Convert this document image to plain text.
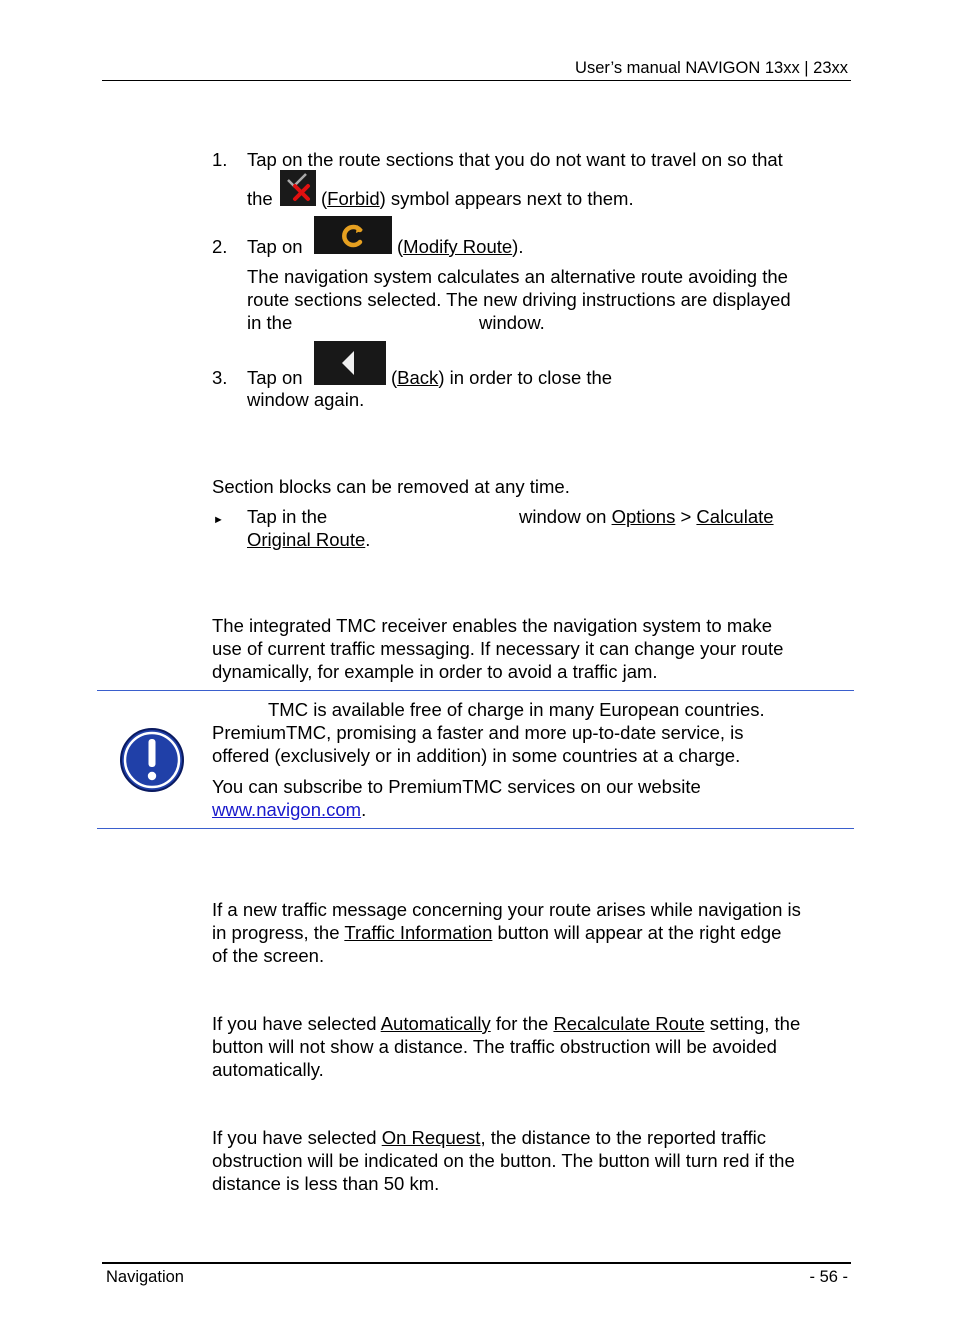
User’s manual NAVIGON 13xx | 23xx
1. Tap on the route sections that you do not want to travel on so that
the	(Forbid) symbol appears next to them.
2. Tap on	(Modify Route).
The navigation system calculates an alternative route avoiding the
route sections selected. The new driving instructions are displayed
in the	window.
3. Tap on	(Back) in order to close the
window again.
Section blocks can be removed at any time.
► Tap in the	window on Options > Calculate
Original Route.
The integrated TMC receiver enables the navigation system to make
use of current traffic messaging. If necessary it can change your route
dynamically, for example in order to avoid a traffic jam.
TMC is available free of charge in many European countries.
PremiumTMC, promising a faster and more up-to-date service, is
offered (exclusively or in addition) in some countries at a charge.
You can subscribe to PremiumTMC services on our website
www.navigon.com.
If a new traffic message concerning your route arises while navigation is
in progress, the Traffic Information button will appear at the right edge
of the screen.
If you have selected Automatically for the Recalculate Route setting, the
button will not show a distance. The traffic obstruction will be avoided
automatically.
If you have selected On Request, the distance to the reported traffic
obstruction will be indicated on the button. The button will turn red if the
distance is less than 50 km.
Navigation	- 56 -
